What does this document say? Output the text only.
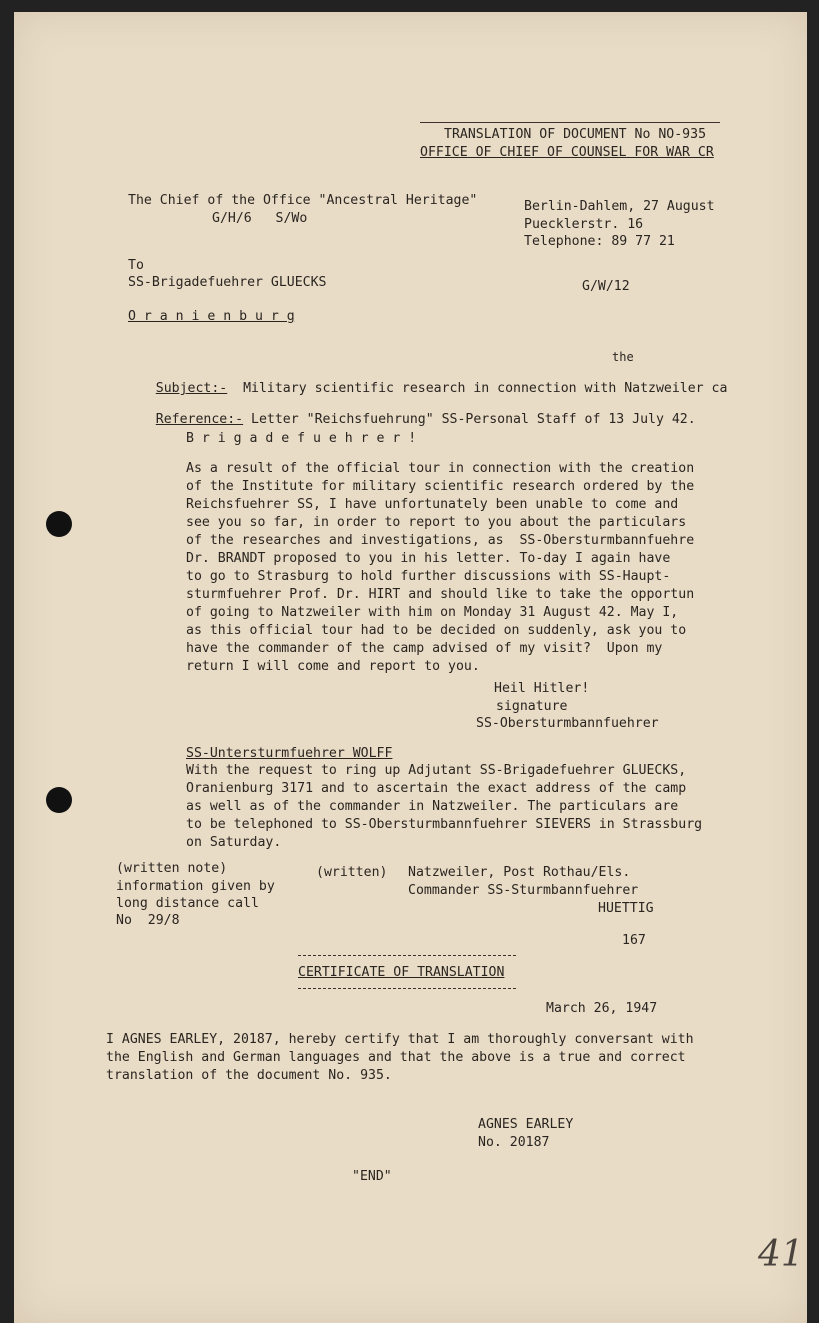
TRANSLATION OF DOCUMENT No NO-935
OFFICE OF CHIEF OF COUNSEL FOR WAR CR
The Chief of the Office "Ancestral Heritage"
G/H/6   S/Wo
Berlin-Dahlem, 27 August
Puecklerstr. 16
Telephone: 89 77 21
To
SS-Brigadefuehrer GLUECKS	G/W/12
O r a n i e n b u r g
the

Subject:-  Military scientific research in connection with Natzweiler ca

Reference:- Letter "Reichsfuehrung" SS-Personal Staff of 13 July 42.

B r i g a d e f u e h r e r !
As a result of the official tour in connection with the creation
of the Institute for military scientific research ordered by the
Reichsfuehrer SS, I have unfortunately been unable to come and
see you so far, in order to report to you about the particulars
of the researches and investigations, as  SS-Obersturmbannfuehre
Dr. BRANDT proposed to you in his letter. To-day I again have
to go to Strasburg to hold further discussions with SS-Haupt-
sturmfuehrer Prof. Dr. HIRT and should like to take the opportun
of going to Natzweiler with him on Monday 31 August 42. May I,
as this official tour had to be decided on suddenly, ask you to
have the commander of the camp advised of my visit?  Upon my
return I will come and report to you.
Heil Hitler!
signature
SS-Obersturmbannfuehrer
SS-Untersturmfuehrer WOLFF
With the request to ring up Adjutant SS-Brigadefuehrer GLUECKS,
Oranienburg 3171 and to ascertain the exact address of the camp
as well as of the commander in Natzweiler. The particulars are
to be telephoned to SS-Obersturmbannfuehrer SIEVERS in Strassburg
on Saturday.
(written note)
information given by
long distance call
No  29/8
(written) Natzweiler, Post Rothau/Els.
Commander SS-Sturmbannfuehrer
HUETTIG
167
CERTIFICATE OF TRANSLATION
March 26, 1947
I AGNES EARLEY, 20187, hereby certify that I am thoroughly conversant with
the English and German languages and that the above is a true and correct
translation of the document No. 935.
AGNES EARLEY
No. 20187
"END"
41
